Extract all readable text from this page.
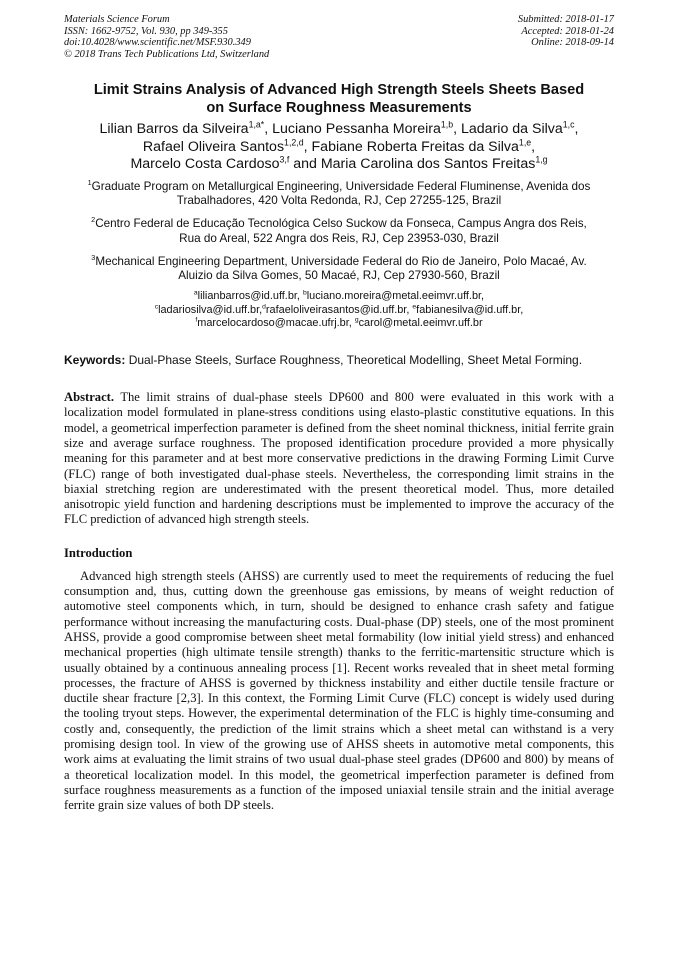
Materials Science Forum
ISSN: 1662-9752, Vol. 930, pp 349-355
doi:10.4028/www.scientific.net/MSF.930.349
© 2018 Trans Tech Publications Ltd, Switzerland
Submitted: 2018-01-17
Accepted: 2018-01-24
Online: 2018-09-14
Limit Strains Analysis of Advanced High Strength Steels Sheets Based
on Surface Roughness Measurements
Lilian Barros da Silveira$^{1,a*}$, Luciano Pessanha Moreira$^{1,b}$, Ladario da Silva$^{1,c}$,
Rafael Oliveira Santos$^{1,2,d}$, Fabiane Roberta Freitas da Silva$^{1,e}$,
Marcelo Costa Cardoso$^{3,f}$ and Maria Carolina dos Santos Freitas$^{1,g}$
$^1$Graduate Program on Metallurgical Engineering, Universidade Federal Fluminense, Avenida dos
Trabalhadores, 420 Volta Redonda, RJ, Cep 27255-125, Brazil
$^2$Centro Federal de Educação Tecnológica Celso Suckow da Fonseca, Campus Angra dos Reis,
Rua do Areal, 522 Angra dos Reis, RJ, Cep 23953-030, Brazil
$^3$Mechanical Engineering Department, Universidade Federal do Rio de Janeiro, Polo Macaé, Av.
Aluizio da Silva Gomes, 50 Macaé, RJ, Cep 27930-560, Brazil
$^a$lilianbarros@id.uff.br, $^b$luciano.moreira@metal.eeimvr.uff.br,
$^c$ladariosilva@id.uff.br,$^d$rafaeloliveirasantos@id.uff.br, $^e$fabianesilva@id.uff.br,
$^f$marcelocardoso@macae.ufrj.br, $^g$carol@metal.eeimvr.uff.br
Keywords: Dual-Phase Steels, Surface Roughness, Theoretical Modelling, Sheet Metal Forming.
Abstract. The limit strains of dual-phase steels DP600 and 800 were evaluated in this work with a localization model formulated in plane-stress conditions using elasto-plastic constitutive equations. In this model, a geometrical imperfection parameter is defined from the sheet nominal thickness, initial ferrite grain size and average surface roughness. The proposed identification procedure provided a more physically meaning for this parameter and at best more conservative predictions in the drawing Forming Limit Curve (FLC) range of both investigated dual-phase steels. Nevertheless, the corresponding limit strains in the biaxial stretching region are underestimated with the present theoretical model. Thus, more detailed anisotropic yield function and hardening descriptions must be implemented to improve the accuracy of the FLC prediction of advanced high strength steels.
Introduction
Advanced high strength steels (AHSS) are currently used to meet the requirements of reducing the fuel consumption and, thus, cutting down the greenhouse gas emissions, by means of weight reduction of automotive steel components which, in turn, should be designed to enhance crash safety and fatigue performance without increasing the manufacturing costs. Dual-phase (DP) steels, one of the most prominent AHSS, provide a good compromise between sheet metal formability (low initial yield stress) and enhanced mechanical properties (high ultimate tensile strength) thanks to the ferritic-martensitic structure which is usually obtained by a continuous annealing process [1]. Recent works revealed that in sheet metal forming processes, the fracture of AHSS is governed by thickness instability and either ductile tensile fracture or ductile shear fracture [2,3]. In this context, the Forming Limit Curve (FLC) concept is widely used during the tooling tryout steps. However, the experimental determination of the FLC is highly time-consuming and costly and, consequently, the prediction of the limit strains which a sheet metal can withstand is a very promising design tool. In view of the growing use of AHSS sheets in automotive metal components, this work aims at evaluating the limit strains of two usual dual-phase steel grades (DP600 and 800) by means of a theoretical localization model. In this model, the geometrical imperfection parameter is defined from surface roughness measurements as a function of the imposed uniaxial tensile strain and the initial average ferrite grain size values of both DP steels.
